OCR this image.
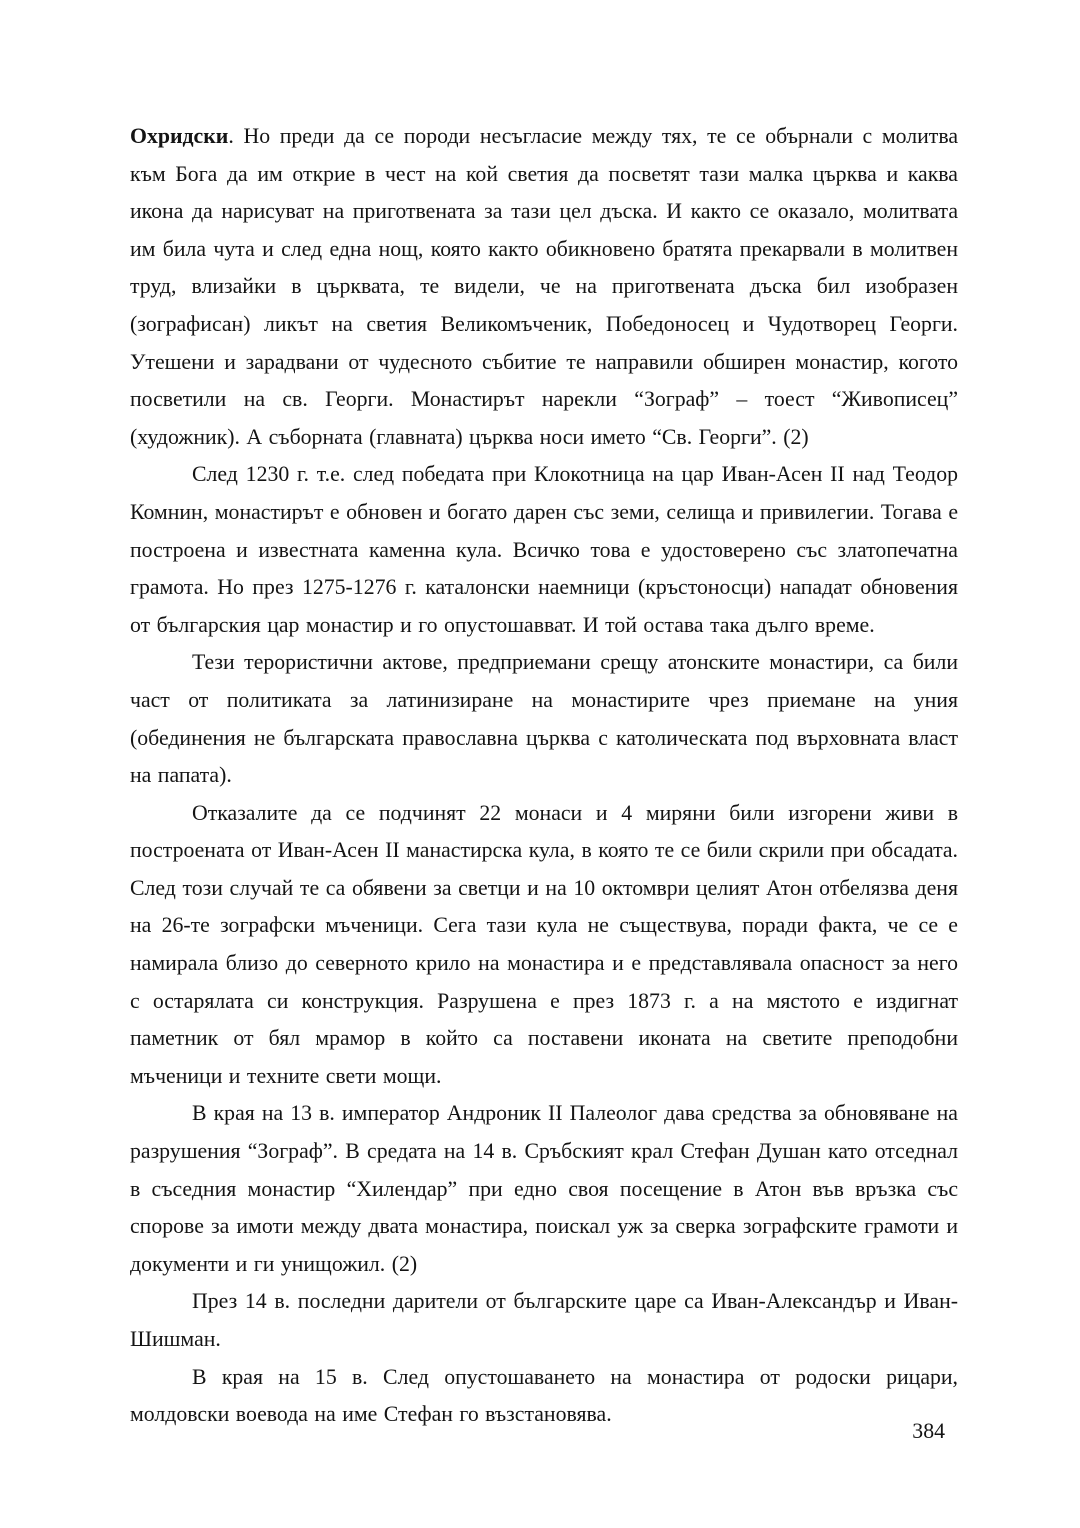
Охридски. Но преди да се породи несъгласие между тях, те се обърнали с молитва към Бога да им открие в чест на кой светия да посветят тази малка църква и каква икона да нарисуват на приготвената за тази цел дъска. И както се оказало, молитвата им била чута и след една нощ, която както обикновено братята прекарвали в молитвен труд, влизайки в църквата, те видели, че на приготвената дъска бил изобразен (зографисан) ликът на светия Великомъченик, Победоносец и Чудотворец Георги. Утешени и зарадвани от чудесното събитие те направили обширен монастир, когото посветили на св. Георги. Монастирът нарекли “Зограф” – тоест “Живописец” (художник). А съборната (главната) църква носи името “Св. Георги”. (2)

След 1230 г. т.е. след победата при Клокотница на цар Иван-Асен II над Теодор Комнин, монастирът е обновен и богато дарен със земи, селища и привилегии. Тогава е построена и известната каменна кула. Всичко това е удостоверено със златопечатна грамота. Но през 1275-1276 г. каталонски наемници (кръстоносци) нападат обновения от българския цар монастир и го опустошавват. И той остава така дълго време.

Тези терористични актове, предприемани срещу атонските монастири, са били част от политиката за латинизиране на монастирите чрез приемане на уния (обединения не българската православна църква с католическата под върховната власт на папата).

Отказалите да се подчинят 22 монаси и 4 миряни били изгорени живи в построената от Иван-Асен II манастирска кула, в която те се били скрили при обсадата. След този случай те са обявени за светци и на 10 октомври целият Атон отбелязва деня на 26-те зографски мъченици. Сега тази кула не съществува, поради факта, че се е намирала близо до северното крило на монастира и е представлявала опасност за него с остарялата си конструкция. Разрушена е през 1873 г. а на мястото е издигнат паметник от бял мрамор в който са поставени иконата на светите преподобни мъченици и техните свети мощи.

В края на 13 в. император Андроник II Палеолог дава средства за обновяване на разрушения “Зограф”. В средата на 14 в. Сръбският крал Стефан Душан като отседнал в съседния монастир “Хилендар” при едно своя посещение в Атон във връзка със спорове за имоти между двата монастира, поискал уж за сверка зографските грамоти и документи и ги унищожил. (2)

През 14 в. последни дарители от българските царе са Иван-Александър и Иван-Шишман.

В края на 15 в. След опустошаването на монастира от родоски рицари, молдовски воевода на име Стефан го възстановява.

384
